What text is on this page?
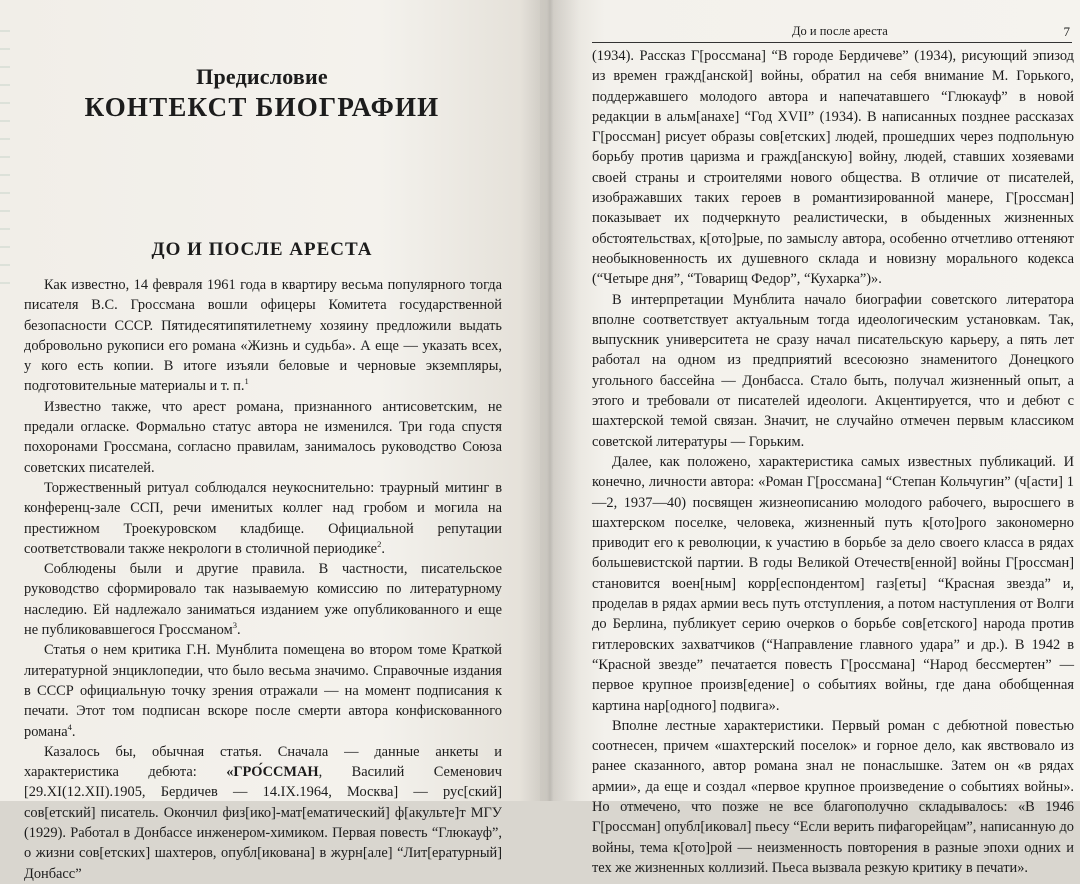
Предисловие
КОНТЕКСТ БИОГРАФИИ
ДО И ПОСЛЕ АРЕСТА

Как известно, 14 февраля 1961 года в квартиру весьма популярного тогда писателя В.С. Гроссмана вошли офицеры Комитета государственной безопасности СССР. Пятидесятипятилетнему хозяину предложили выдать добровольно рукописи его романа «Жизнь и судьба». А еще — указать всех, у кого есть копии. В итоге изъяли беловые и черновые экземпляры, подготовительные материалы и т. п.$^1$

Известно также, что арест романа, признанного антисоветским, не предали огласке. Формально статус автора не изменился. Три года спустя похоронами Гроссмана, согласно правилам, занималось руководство Союза советских писателей.

Торжественный ритуал соблюдался неукоснительно: траурный митинг в конференц-зале ССП, речи именитых коллег над гробом и могила на престижном Троекуровском кладбище. Официальной репутации соответствовали также некрологи в столичной периодике$^2$.

Соблюдены были и другие правила. В частности, писательское руководство сформировало так называемую комиссию по литературному наследию. Ей надлежало заниматься изданием уже опубликованного и еще не публиковавшегося Гроссманом$^3$.

Статья о нем критика Г.Н. Мунблита помещена во втором томе Краткой литературной энциклопедии, что было весьма значимо. Справочные издания в СССР официальную точку зрения отражали — на момент подписания к печати. Этот том подписан вскоре после смерти автора конфискованного романа$^4$.

Казалось бы, обычная статья. Сначала — данные анкеты и характеристика дебюта: «ГРО́ССМАН, Василий Семенович [29.XI(12.XII).1905, Бердичев — 14.IX.1964, Москва] — рус[ский] сов[етский] писатель. Окончил физ[ико]-мат[ематический] ф[акульте]т МГУ (1929). Работал в Донбассе инженером-химиком. Первая повесть “Глюкауф”, о жизни сов[етских] шахтеров, опубл[икована] в журн[але] “Лит[ературный] Донбасс”

До и после ареста	7

(1934). Рассказ Г[россмана] “В городе Бердичеве” (1934), рисующий эпизод из времен гражд[анской] войны, обратил на себя внимание М. Горького, поддержавшего молодого автора и напечатавшего “Глюкауф” в новой редакции в альм[анахе] “Год XVII” (1934). В написанных позднее рассказах Г[россман] рисует образы сов[етских] людей, прошедших через подпольную борьбу против царизма и гражд[анскую] войну, людей, ставших хозяевами своей страны и строителями нового общества. В отличие от писателей, изображавших таких героев в романтизированной манере, Г[россман] показывает их подчеркнуто реалистически, в обыденных жизненных обстоятельствах, к[ото]рые, по замыслу автора, особенно отчетливо оттеняют необыкновенность их душевного склада и новизну морального кодекса (“Четыре дня”, “Товарищ Федор”, “Кухарка”)».

В интерпретации Мунблита начало биографии советского литератора вполне соответствует актуальным тогда идеологическим установкам. Так, выпускник университета не сразу начал писательскую карьеру, а пять лет работал на одном из предприятий всесоюзно знаменитого Донецкого угольного бассейна — Донбасса. Стало быть, получал жизненный опыт, а этого и требовали от писателей идеологи. Акцентируется, что и дебют с шахтерской темой связан. Значит, не случайно отмечен первым классиком советской литературы — Горьким.

Далее, как положено, характеристика самых известных публикаций. И конечно, личности автора: «Роман Г[россмана] “Степан Кольчугин” (ч[асти] 1—2, 1937—40) посвящен жизнеописанию молодого рабочего, выросшего в шахтерском поселке, человека, жизненный путь к[ото]рого закономерно приводит его к революции, к участию в борьбе за дело своего класса в рядах большевистской партии. В годы Великой Отечеств[енной] войны Г[россман] становится воен[ным] корр[еспондентом] газ[еты] “Красная звезда” и, проделав в рядах армии весь путь отступления, а потом наступления от Волги до Берлина, публикует серию очерков о борьбе сов[етского] народа против гитлеровских захватчиков (“Направление главного удара” и др.). В 1942 в “Красной звезде” печатается повесть Г[россмана] “Народ бессмертен” — первое крупное произв[едение] о событиях войны, где дана обобщенная картина нар[одного] подвига».

Вполне лестные характеристики. Первый роман с дебютной повестью соотнесен, причем «шахтерский поселок» и горное дело, как явствовало из ранее сказанного, автор романа знал не понаслышке. Затем он «в рядах армии», да еще и создал «первое крупное произведение о событиях войны». Но отмечено, что позже не все благополучно складывалось: «В 1946 Г[россман] опубл[иковал] пьесу “Если верить пифагорейцам”, написанную до войны, тема к[ото]рой — неизменность повторения в разные эпохи одних и тех же жизненных коллизий. Пьеса вызвала резкую критику в печати».
